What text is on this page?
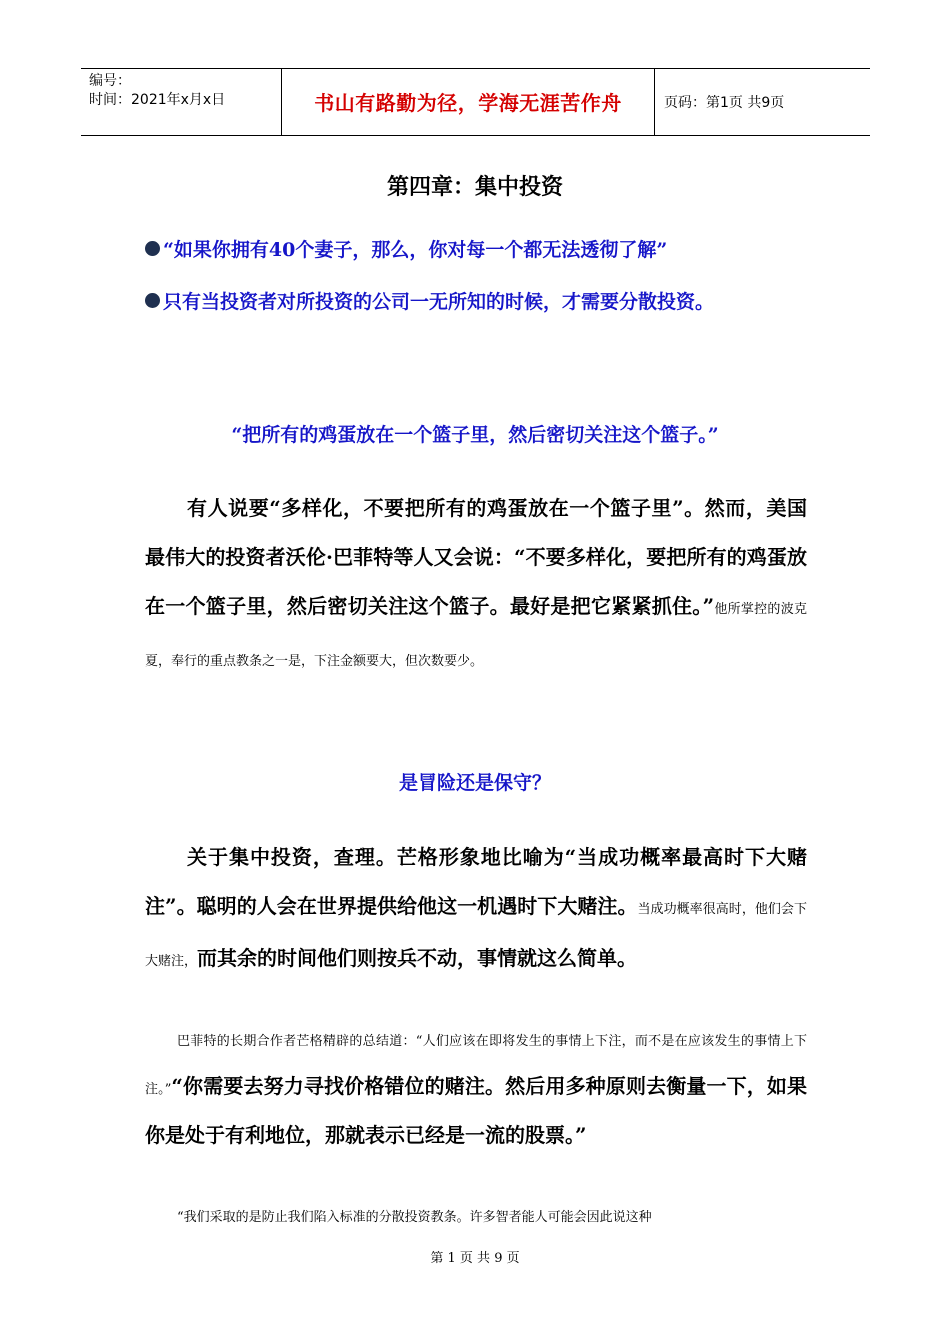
编号：
时间：2021年x月x日	书山有路勤为径，学海无涯苦作舟	页码：第1页 共9页
第四章：集中投资
“如果你拥有40个妻子，那么，你对每一个都无法透彻了解”
只有当投资者对所投资的公司一无所知的时候，才需要分散投资。
“把所有的鸡蛋放在一个篮子里，然后密切关注这个篮子。”
有人说要“多样化，不要把所有的鸡蛋放在一个篮子里”。然而，美国最伟大的投资者沃伦·巴菲特等人又会说：“不要多样化，要把所有的鸡蛋放在一个篮子里，然后密切关注这个篮子。最好是把它紧紧抓住。”他所掌控的波克夏，奉行的重点教条之一是，下注金额要大，但次数要少。
是冒险还是保守？
关于集中投资，查理。芒格形象地比喻为“当成功概率最高时下大赌注”。聪明的人会在世界提供给他这一机遇时下大赌注。当成功概率很高时，他们会下大赌注，而其余的时间他们则按兵不动，事情就这么简单。
巴菲特的长期合作者芒格精辟的总结道：“人们应该在即将发生的事情上下注，而不是在应该发生的事情上下注。”“你需要去努力寻找价格错位的赌注。然后用多种原则去衡量一下，如果你是处于有利地位，那就表示已经是一流的股票。”
“我们采取的是防止我们陷入标准的分散投资教条。许多智者能人可能会因此说这种
第 1 页 共 9 页
